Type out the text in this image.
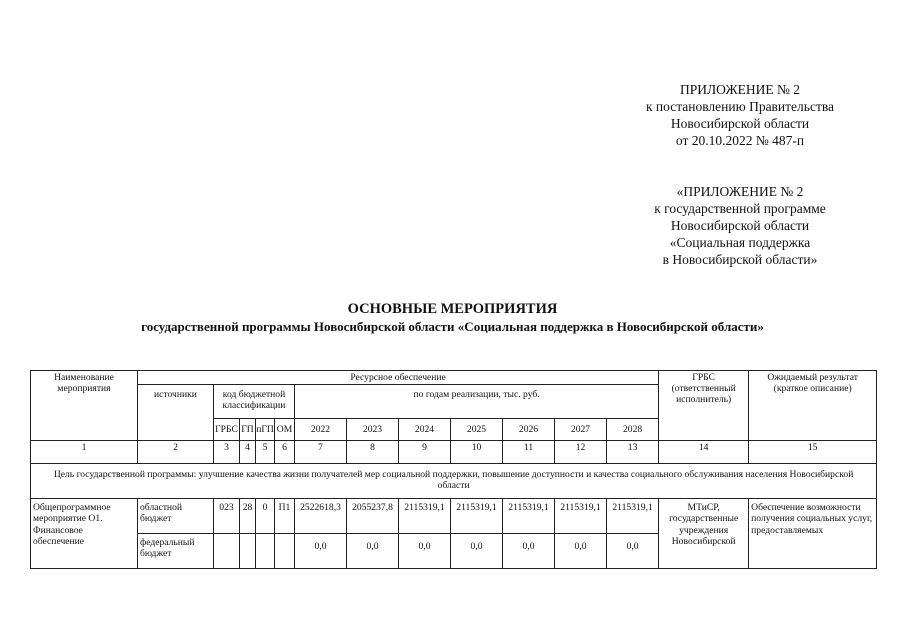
ПРИЛОЖЕНИЕ № 2
к постановлению Правительства
Новосибирской области
от 20.10.2022 № 487-п
«ПРИЛОЖЕНИЕ № 2
к государственной программе
Новосибирской области
«Социальная поддержка
в Новосибирской области»
ОСНОВНЫЕ МЕРОПРИЯТИЯ
государственной программы Новосибирской области «Социальная поддержка в Новосибирской области»
Наименование мероприятия	Ресурсное обеспечение												ГРБС (ответственный исполнитель)	Ожидаемый результат (краткое описание)
	источники	код бюджетной классификации				по годам реализации, тыс. руб.								
		ГРБС	ГП	пГП	ОМ	2022	2023	2024	2025	2026	2027	2028		
1	2	3	4	5	6	7	8	9	10	11	12	13	14	15
Цель государственной программы: улучшение качества жизни получателей мер социальной поддержки, повышение доступности и качества социального обслуживания населения Новосибирской области														
Общепрограммное мероприятие О1. Финансовое обеспечение	областной бюджет	023	28	0	П1	2522618,3	2055237,8	2115319,1	2115319,1	2115319,1	2115319,1	2115319,1	МТиСР, государственные учреждения Новосибирской	Обеспечение возможности получения социальных услуг, предоставляемых
	федеральный бюджет					0,0	0,0	0,0	0,0	0,0	0,0	0,0		
